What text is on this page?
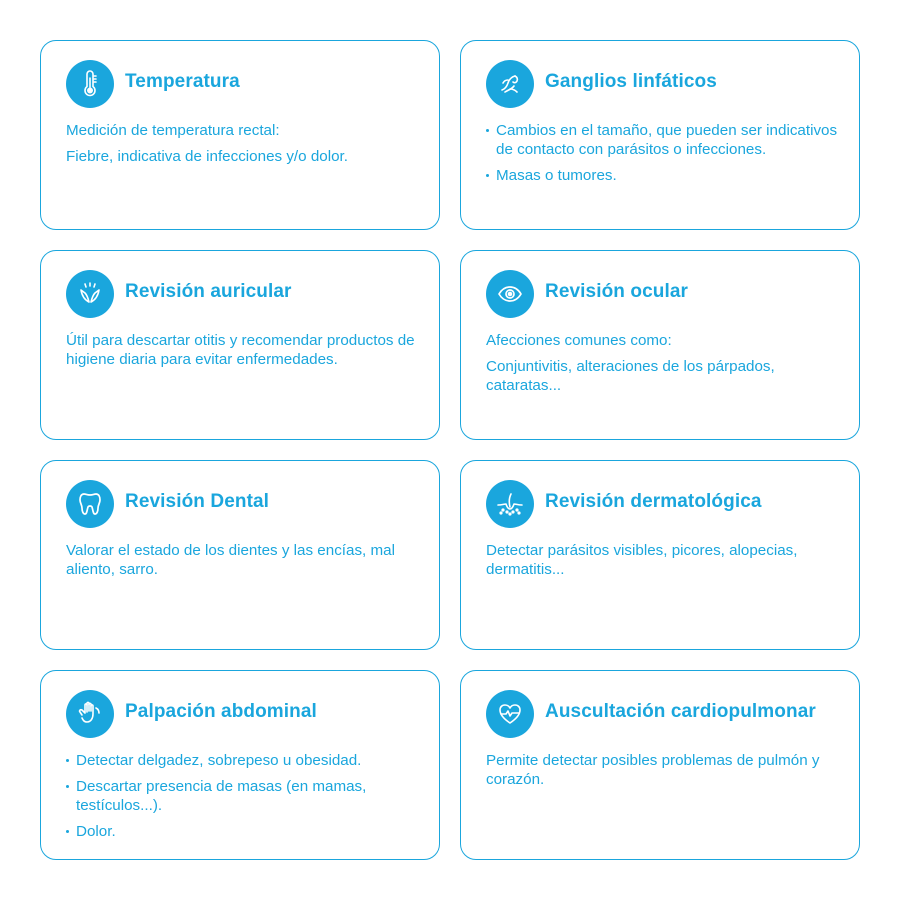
Temperatura

Medición de temperatura rectal:

Fiebre, indicativa de infecciones y/o dolor.

Ganglios linfáticos
Cambios en el tamaño, que pueden ser indicativos de contacto con parásitos o infecciones.
Masas o tumores.
Revisión auricular

Útil para descartar otitis y recomendar productos de higiene diaria para evitar enfermedades.

Revisión ocular

Afecciones comunes como:

Conjuntivitis, alteraciones de los párpados, cataratas...

Revisión Dental

Valorar el estado de los dientes y las encías, mal aliento, sarro.

Revisión dermatológica

Detectar parásitos visibles, picores, alopecias, dermatitis...

Palpación abdominal
Detectar delgadez, sobrepeso u obesidad.
Descartar presencia de masas (en mamas, testículos...).
Dolor.
Auscultación cardiopulmonar

Permite detectar posibles problemas de pulmón y corazón.
